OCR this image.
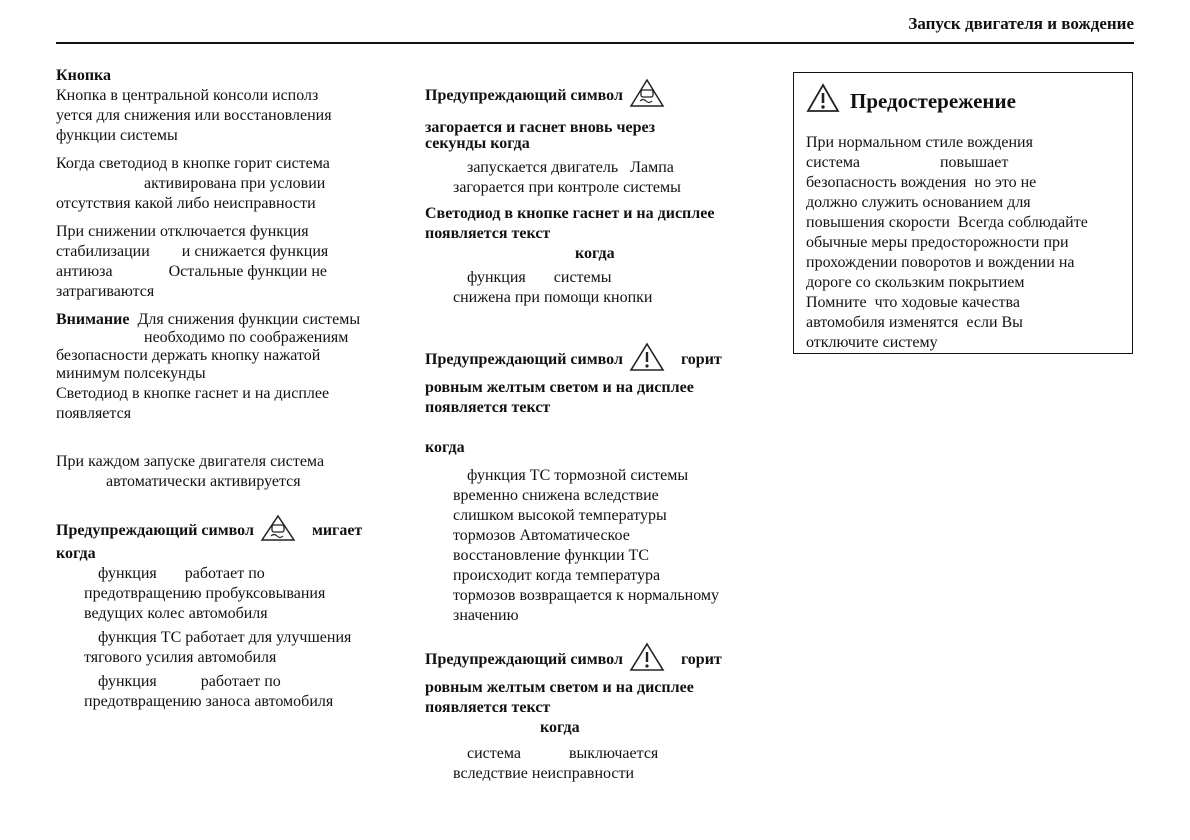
Запуск двигателя и вождение

Кнопка

Кнопка в центральной консоли исполз

уется для снижения или восстановления

функции системы

Когда светодиод в кнопке горит система

активирована при условии

отсутствия какой либо неисправности

При снижении отключается функция

стабилизации        и снижается функция

антиюза              Остальные функции не

затрагиваются

Внимание  Для снижения функции системы

необходимо по соображениям

безопасности держать кнопку нажатой

минимум полсекунды

Светодиод в кнопке гаснет и на дисплее

появляется

При каждом запуске двигателя система

автоматически активируется

Предупреждающий символ	мигает

когда

функция       работает по

предотвращению пробуксовывания

ведущих колес автомобиля

функция ТС работает для улучшения

тягового усилия автомобиля

функция           работает по

предотвращению заноса автомобиля

Предупреждающий символ

загорается и гаснет вновь через

секунды когда

запускается двигатель   Лампа

загорается при контроле системы

Светодиод в кнопке гаснет и на дисплее

появляется текст

когда

функция       системы

снижена при помощи кнопки

Предупреждающий символ	горит

ровным желтым светом и на дисплее

появляется текст

когда

функция ТС тормозной системы

временно снижена вследствие

слишком высокой температуры

тормозов Автоматическое

восстановление функции ТС

происходит когда температура

тормозов возвращается к нормальному

значению

Предупреждающий символ	горит

ровным желтым светом и на дисплее

появляется текст

когда

система            выключается

вследствие неисправности

Предостережение

При нормальном стиле вождения

система                    повышает

безопасность вождения  но это не

должно служить основанием для

повышения скорости  Всегда соблюдайте

обычные меры предосторожности при

прохождении поворотов и вождении на

дороге со скользким покрытием

Помните  что ходовые качества

автомобиля изменятся  если Вы

отключите систему
